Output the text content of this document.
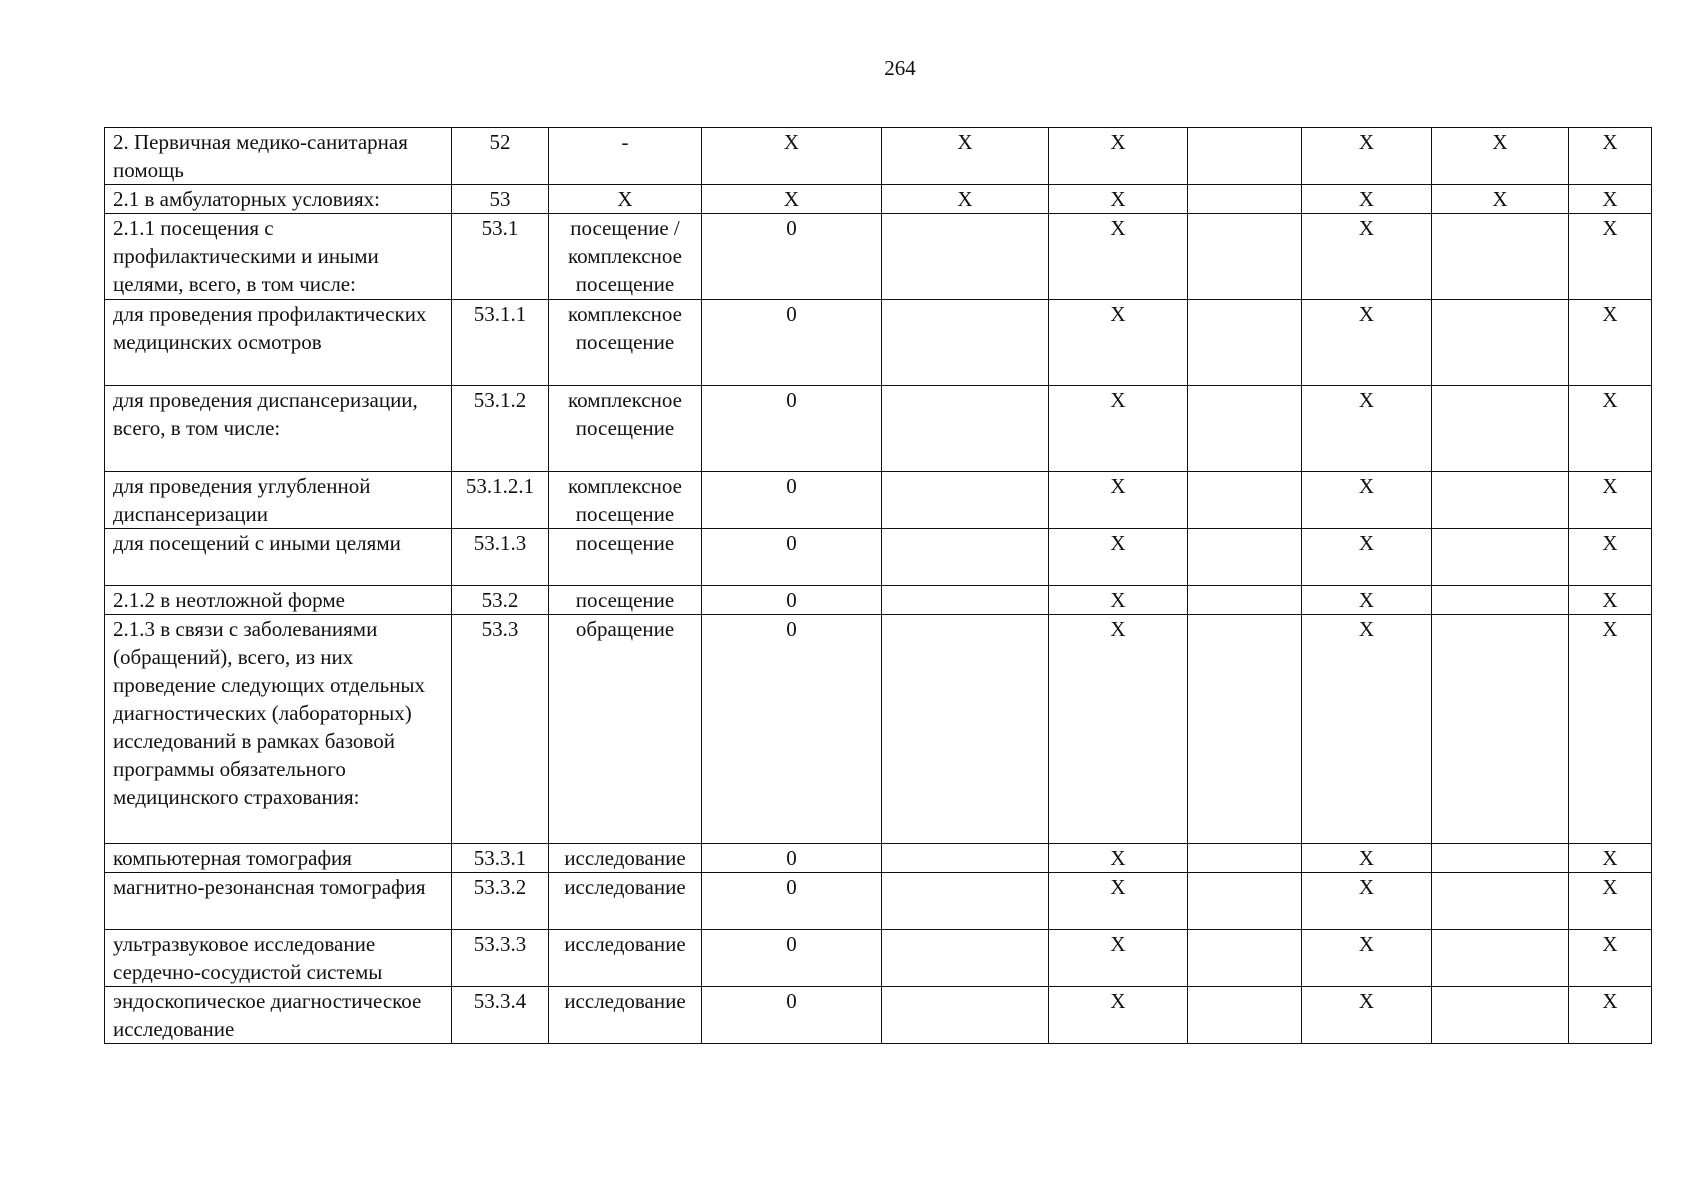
264
2. Первичная медико-санитарная помощь	52	-	X	X	X		X	X	X
2.1 в амбулаторных условиях:	53	X	X	X	X		X	X	X
2.1.1 посещения с профилактическими и иными целями, всего, в том числе:	53.1	посещение / комплексное посещение	0		X		X		X
для проведения профилактических медицинских осмотров	53.1.1	комплексное посещение	0		X		X		X
для проведения диспансеризации, всего, в том числе:	53.1.2	комплексное посещение	0		X		X		X
для проведения углубленной диспансеризации	53.1.2.1	комплексное посещение	0		X		X		X
для посещений с иными целями	53.1.3	посещение	0		X		X		X
2.1.2 в неотложной форме	53.2	посещение	0		X		X		X
2.1.3 в связи с заболеваниями (обращений), всего, из них проведение следующих отдельных диагностических (лабораторных) исследований в рамках базовой программы обязательного медицинского страхования:	53.3	обращение	0		X		X		X
компьютерная томография	53.3.1	исследование	0		X		X		X
магнитно-резонансная томография	53.3.2	исследование	0		X		X		X
ультразвуковое исследование сердечно-сосудистой системы	53.3.3	исследование	0		X		X		X
эндоскопическое диагностическое исследование	53.3.4	исследование	0		X		X		X
